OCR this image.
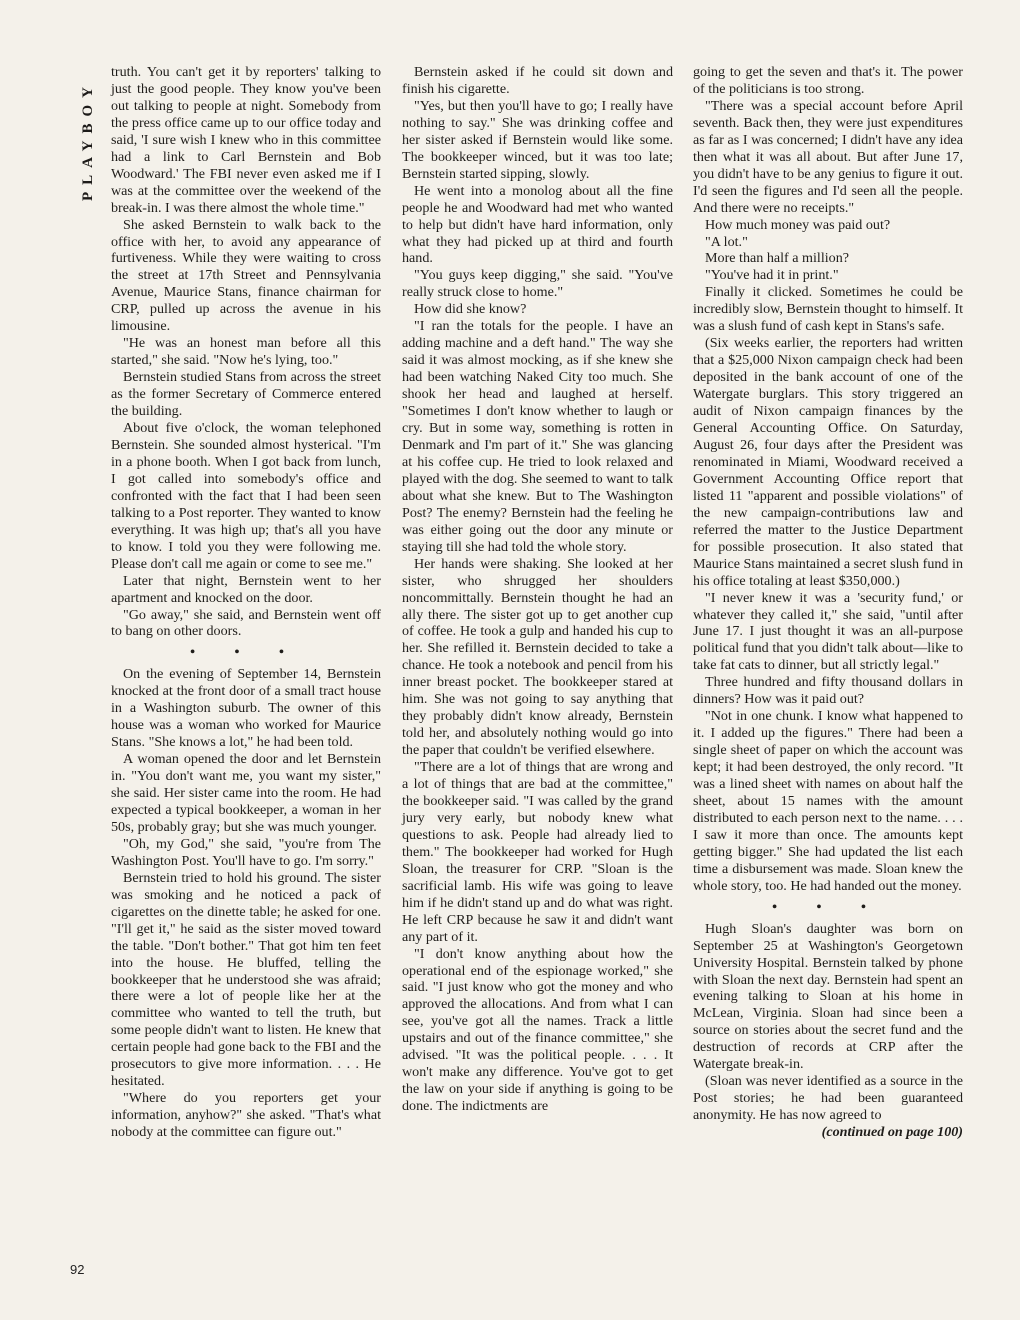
PLAYBOY

truth. You can't get it by reporters' talking to just the good people. They know you've been out talking to people at night. Somebody from the press office came up to our office today and said, 'I sure wish I knew who in this committee had a link to Carl Bernstein and Bob Woodward.' The FBI never even asked me if I was at the committee over the weekend of the break-in. I was there almost the whole time."

She asked Bernstein to walk back to the office with her, to avoid any appearance of furtiveness. While they were waiting to cross the street at 17th Street and Pennsylvania Avenue, Maurice Stans, finance chairman for CRP, pulled up across the avenue in his limousine.

"He was an honest man before all this started," she said. "Now he's lying, too."

Bernstein studied Stans from across the street as the former Secretary of Commerce entered the building.

About five o'clock, the woman telephoned Bernstein. She sounded almost hysterical. "I'm in a phone booth. When I got back from lunch, I got called into somebody's office and confronted with the fact that I had been seen talking to a Post reporter. They wanted to know everything. It was high up; that's all you have to know. I told you they were following me. Please don't call me again or come to see me."

Later that night, Bernstein went to her apartment and knocked on the door.

"Go away," she said, and Bernstein went off to bang on other doors.

• • •

On the evening of September 14, Bernstein knocked at the front door of a small tract house in a Washington suburb. The owner of this house was a woman who worked for Maurice Stans. "She knows a lot," he had been told.

A woman opened the door and let Bernstein in. "You don't want me, you want my sister," she said. Her sister came into the room. He had expected a typical bookkeeper, a woman in her 50s, probably gray; but she was much younger.

"Oh, my God," she said, "you're from The Washington Post. You'll have to go. I'm sorry."

Bernstein tried to hold his ground. The sister was smoking and he noticed a pack of cigarettes on the dinette table; he asked for one. "I'll get it," he said as the sister moved toward the table. "Don't bother." That got him ten feet into the house. He bluffed, telling the bookkeeper that he understood she was afraid; there were a lot of people like her at the committee who wanted to tell the truth, but some people didn't want to listen. He knew that certain people had gone back to the FBI and the prosecutors to give more information. . . . He hesitated.

"Where do you reporters get your information, anyhow?" she asked. "That's what nobody at the committee can figure out."

Bernstein asked if he could sit down and finish his cigarette.

"Yes, but then you'll have to go; I really have nothing to say." She was drinking coffee and her sister asked if Bernstein would like some. The bookkeeper winced, but it was too late; Bernstein started sipping, slowly.

He went into a monolog about all the fine people he and Woodward had met who wanted to help but didn't have hard information, only what they had picked up at third and fourth hand.

"You guys keep digging," she said. "You've really struck close to home."

How did she know?

"I ran the totals for the people. I have an adding machine and a deft hand." The way she said it was almost mocking, as if she knew she had been watching Naked City too much. She shook her head and laughed at herself. "Sometimes I don't know whether to laugh or cry. But in some way, something is rotten in Denmark and I'm part of it." She was glancing at his coffee cup. He tried to look relaxed and played with the dog. She seemed to want to talk about what she knew. But to The Washington Post? The enemy? Bernstein had the feeling he was either going out the door any minute or staying till she had told the whole story.

Her hands were shaking. She looked at her sister, who shrugged her shoulders noncommittally. Bernstein thought he had an ally there. The sister got up to get another cup of coffee. He took a gulp and handed his cup to her. She refilled it. Bernstein decided to take a chance. He took a notebook and pencil from his inner breast pocket. The bookkeeper stared at him. She was not going to say anything that they probably didn't know already, Bernstein told her, and absolutely nothing would go into the paper that couldn't be verified elsewhere.

"There are a lot of things that are wrong and a lot of things that are bad at the committee," the bookkeeper said. "I was called by the grand jury very early, but nobody knew what questions to ask. People had already lied to them." The bookkeeper had worked for Hugh Sloan, the treasurer for CRP. "Sloan is the sacrificial lamb. His wife was going to leave him if he didn't stand up and do what was right. He left CRP because he saw it and didn't want any part of it.

"I don't know anything about how the operational end of the espionage worked," she said. "I just know who got the money and who approved the allocations. And from what I can see, you've got all the names. Track a little upstairs and out of the finance committee," she advised. "It was the political people. . . . It won't make any difference. You've got to get the law on your side if anything is going to be done. The indictments are

going to get the seven and that's it. The power of the politicians is too strong.

"There was a special account before April seventh. Back then, they were just expenditures as far as I was concerned; I didn't have any idea then what it was all about. But after June 17, you didn't have to be any genius to figure it out. I'd seen the figures and I'd seen all the people. And there were no receipts."

How much money was paid out?

"A lot."

More than half a million?

"You've had it in print."

Finally it clicked. Sometimes he could be incredibly slow, Bernstein thought to himself. It was a slush fund of cash kept in Stans's safe.

(Six weeks earlier, the reporters had written that a $25,000 Nixon campaign check had been deposited in the bank account of one of the Watergate burglars. This story triggered an audit of Nixon campaign finances by the General Accounting Office. On Saturday, August 26, four days after the President was renominated in Miami, Woodward received a Government Accounting Office report that listed 11 "apparent and possible violations" of the new campaign-contributions law and referred the matter to the Justice Department for possible prosecution. It also stated that Maurice Stans maintained a secret slush fund in his office totaling at least $350,000.)

"I never knew it was a 'security fund,' or whatever they called it," she said, "until after June 17. I just thought it was an all-purpose political fund that you didn't talk about—like to take fat cats to dinner, but all strictly legal."

Three hundred and fifty thousand dollars in dinners? How was it paid out?

"Not in one chunk. I know what happened to it. I added up the figures." There had been a single sheet of paper on which the account was kept; it had been destroyed, the only record. "It was a lined sheet with names on about half the sheet, about 15 names with the amount distributed to each person next to the name. . . . I saw it more than once. The amounts kept getting bigger." She had updated the list each time a disbursement was made. Sloan knew the whole story, too. He had handed out the money.

• • •

Hugh Sloan's daughter was born on September 25 at Washington's Georgetown University Hospital. Bernstein talked by phone with Sloan the next day. Bernstein had spent an evening talking to Sloan at his home in McLean, Virginia. Sloan had since been a source on stories about the secret fund and the destruction of records at CRP after the Watergate break-in.

(Sloan was never identified as a source in the Post stories; he had been guaranteed anonymity. He has now agreed to

(continued on page 100)

92
